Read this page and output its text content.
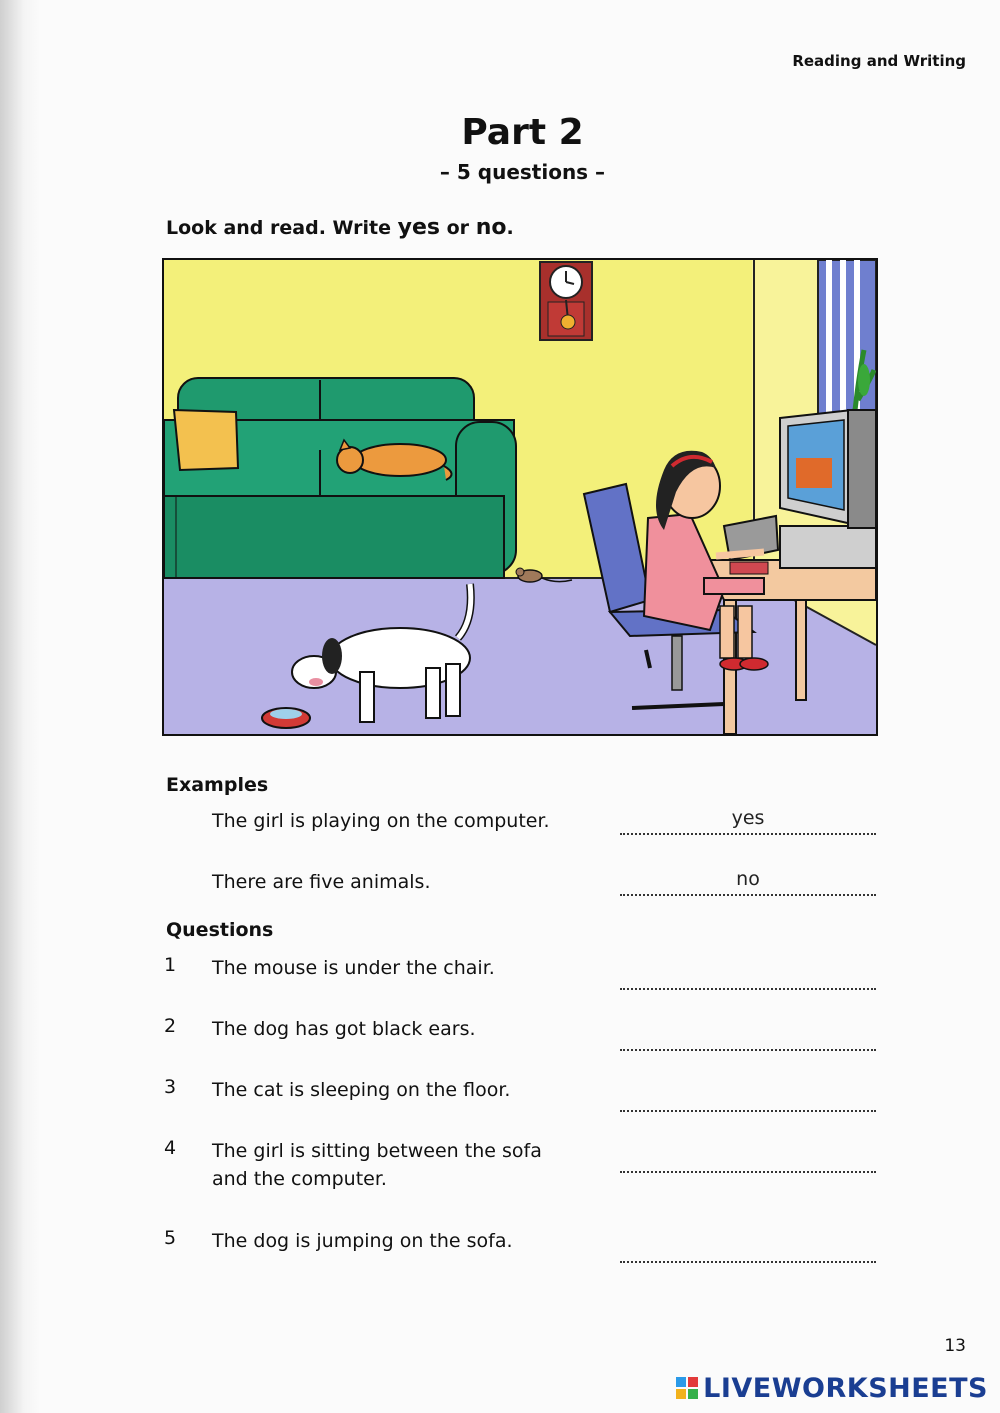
Reading and Writing
Part 2
– 5 questions –
Look and read. Write yes or no.
Examples
The girl is playing on the computer.	yes
There are five animals.	no
Questions
1	The mouse is under the chair.
2	The dog has got black ears.
3	The cat is sleeping on the floor.
4	The girl is sitting between the sofa
and the computer.
5	The dog is jumping on the sofa.
13
LIVEWORKSHEETS
